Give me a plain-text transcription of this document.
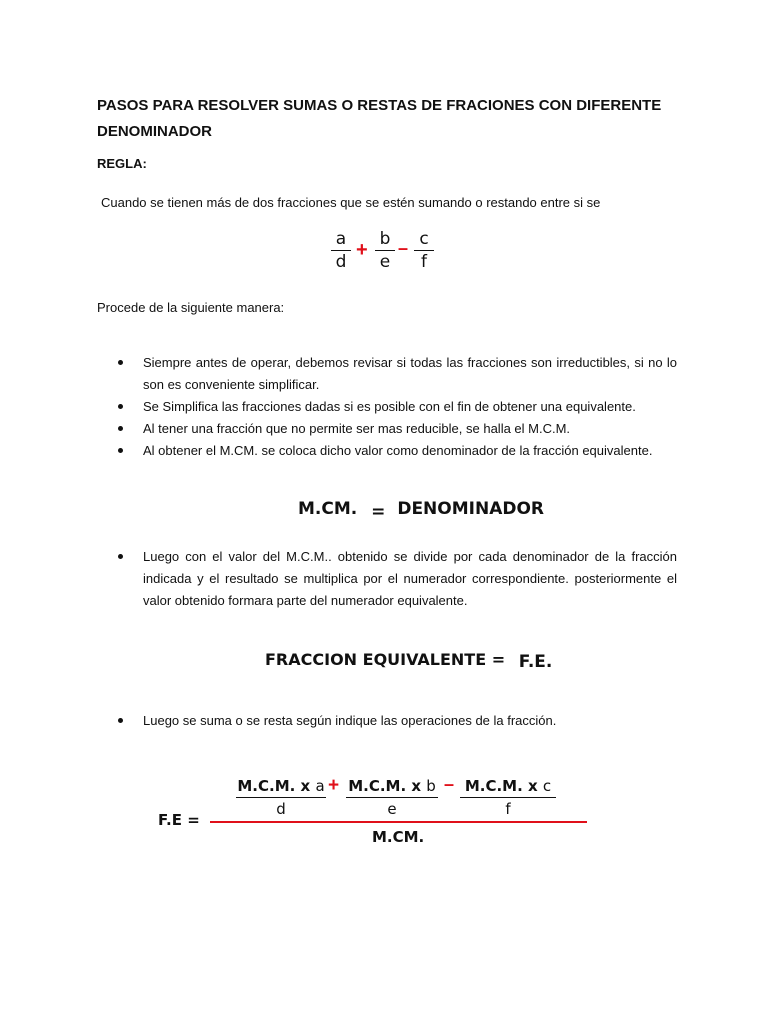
PASOS PARA RESOLVER SUMAS O RESTAS DE FRACIONES CON DIFERENTE
DENOMINADOR
REGLA:
Cuando se tienen más de dos fracciones que se estén sumando o restando entre si se
a
d
+ b
e
– c
f
Procede de la siguiente manera:
Siempre antes de operar, debemos revisar si todas las fracciones son irreductibles, si no lo son es conveniente simplificar.
Se Simplifica las fracciones dadas si es posible con el fin de obtener una equivalente.
Al tener una fracción que no permite ser mas reducible, se halla el M.C.M.
Al obtener el M.CM. se coloca dicho valor como denominador de la fracción equivalente.
M.CM. = DENOMINADOR
Luego con el valor del M.C.M.. obtenido se divide por cada denominador de la fracción indicada y el resultado se multiplica por el numerador correspondiente. posteriormente el valor obtenido formara parte del numerador equivalente.
FRACCION EQUIVALENTE = F.E.
Luego se suma o se resta según indique las operaciones de la fracción.
F.E =
M.C.M. x a
d
+ M.C.M. x b
e
– M.C.M. x c
f
M.CM.
